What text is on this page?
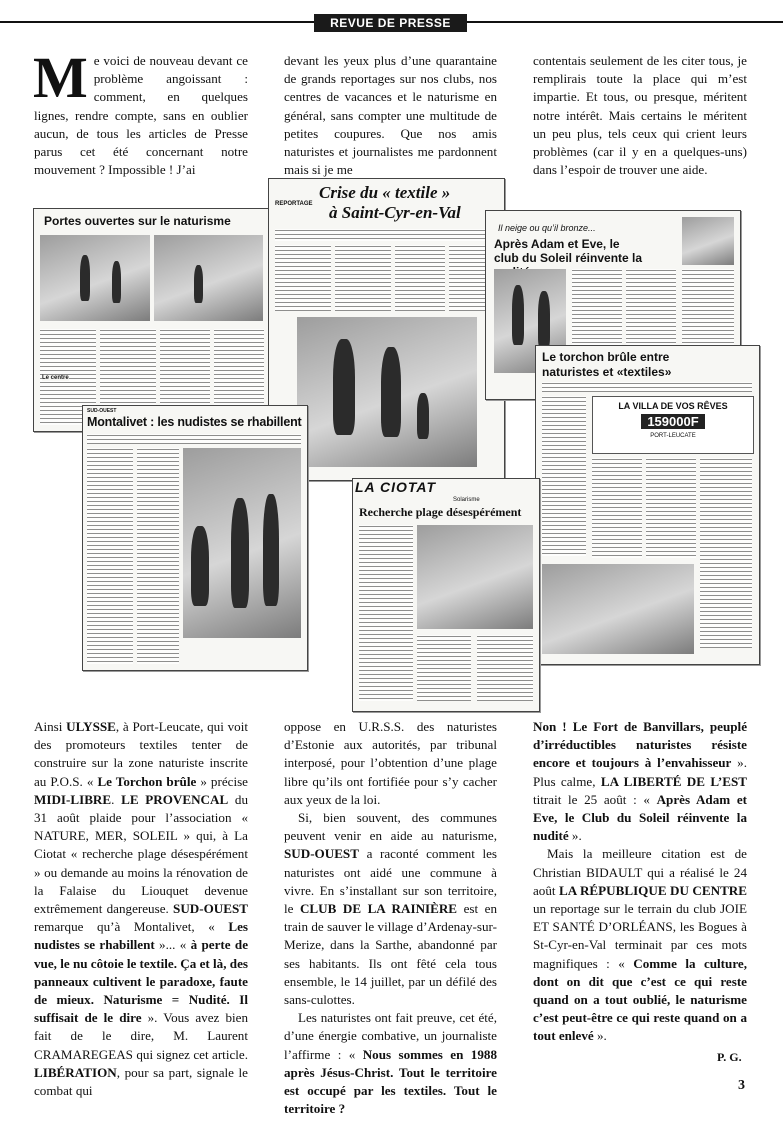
REVUE DE PRESSE

Me voici de nouveau devant ce problème angoissant : comment, en quelques lignes, rendre compte, sans en oublier aucun, de tous les articles de Presse parus cet été concernant notre mouvement ? Impossible ! J’ai

devant les yeux plus d’une quarantaine de grands reportages sur nos clubs, nos centres de vacances et le naturisme en général, sans compter une multitude de petites coupures. Que nos amis naturistes et journalistes me pardonnent mais si je me

contentais seulement de les citer tous, je remplirais toute la place qui m’est impartie. Et tous, ou presque, méritent notre intérêt. Mais certains le méritent un peu plus, tels ceux qui crient leurs problèmes (car il y en a quelques-uns) dans l’espoir de trouver une aide.

Portes ouvertes sur le naturisme
Le centre
REPORTAGE
Crise du « textile »
à Saint-Cyr-en-Val
Il neige ou qu’il bronze...
Après Adam et Eve, le club du Soleil réinvente la
Le torchon brûle entre
naturistes et «textiles»
LA VILLA DE VOS RÊVES
159000F
PORT-LEUCATE
SUD-OUEST
Montalivet : les nudistes se rhabillent
LA CIOTAT
Solarisme
Recherche plage désespérément

Ainsi ULYSSE, à Port-Leucate, qui voit des promoteurs textiles tenter de construire sur la zone naturiste inscrite au P.O.S. « Le Torchon brûle » précise MIDI-LIBRE. LE PROVENCAL du 31 août plaide pour l’association « NATURE, MER, SOLEIL » qui, à La Ciotat « recherche plage désespérément » ou demande au moins la rénovation de la Falaise du Liouquet devenue extrêmement dangereuse. SUD-OUEST remarque qu’à Montalivet, « Les nudistes se rhabillent »... « à perte de vue, le nu côtoie le textile. Ça et là, des panneaux cultivent le paradoxe, faute de mieux. Naturisme = Nudité. Il suffisait de le dire ». Vous avez bien fait de le dire, M. Laurent CRAMAREGEAS qui signez cet article. LIBÉRATION, pour sa part, signale le combat qui

oppose en U.R.S.S. des naturistes d’Estonie aux autorités, par tribunal interposé, pour l’obtention d’une plage libre qu’ils ont fortifiée pour s’y cacher aux yeux de la loi.

Si, bien souvent, des communes peuvent venir en aide au naturisme, SUD-OUEST a raconté comment les naturistes ont aidé une commune à vivre. En s’installant sur son territoire, le CLUB DE LA RAINIÈRE est en train de sauver le village d’Ardenay-sur-Merize, dans la Sarthe, abandonné par ses habitants. Ils ont fêté cela tous ensemble, le 14 juillet, par un défilé des sans-culottes.

Les naturistes ont fait preuve, cet été, d’une énergie combative, un journaliste l’affirme : « Nous sommes en 1988 après Jésus-Christ. Tout le territoire est occupé par les textiles. Tout le territoire ?

Non ! Le Fort de Banvillars, peuplé d’irréductibles naturistes résiste encore et toujours à l’envahisseur ». Plus calme, LA LIBERTÉ DE L’EST titrait le 25 août : « Après Adam et Eve, le Club du Soleil réinvente la nudité ».

Mais la meilleure citation est de Christian BIDAULT qui a réalisé le 24 août LA RÉPUBLIQUE DU CENTRE un reportage sur le terrain du club JOIE ET SANTÉ D’ORLÉANS, les Bogues à St-Cyr-en-Val terminait par ces mots magnifiques : « Comme la culture, dont on dit que c’est ce qui reste quand on a tout oublié, le naturisme c’est peut-être ce qui reste quand on a tout enlevé ».

P. G.
3
